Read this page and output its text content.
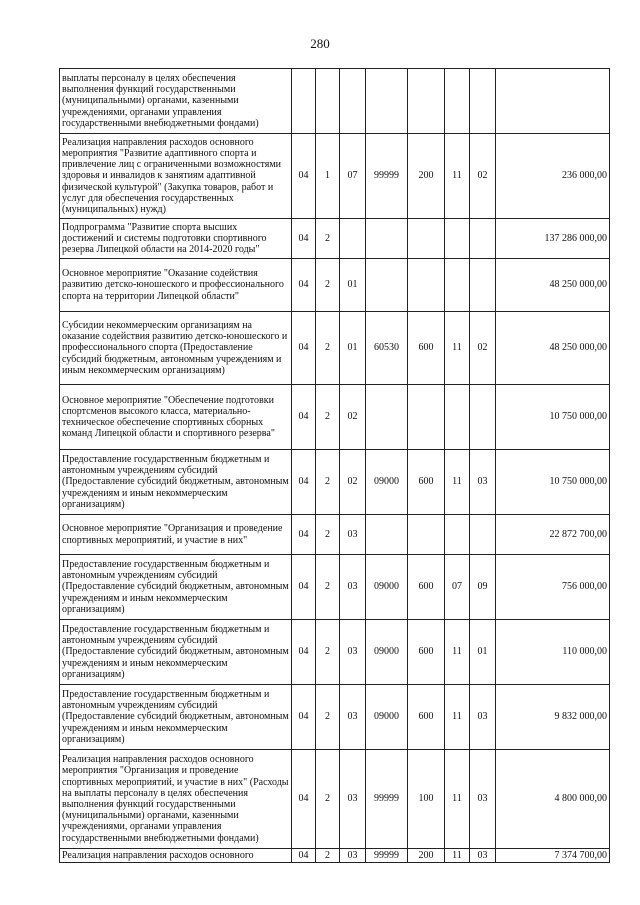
280
выплаты персоналу в целях обеспечения выполнения функций государственными (муниципальными) органами, казенными учреждениями, органами управления государственными внебюджетными фондами)								
Реализация направления расходов основного мероприятия "Развитие адаптивного спорта и привлечение лиц с ограниченными возможностями здоровья и инвалидов к занятиям адаптивной физической культурой" (Закупка товаров, работ и услуг для обеспечения государственных (муниципальных) нужд)	04	1	07	99999	200	11	02	236 000,00
Подпрограмма "Развитие спорта высших достижений и системы подготовки спортивного резерва Липецкой области на 2014-2020 годы"	04	2						137 286 000,00
Основное мероприятие "Оказание содействия развитию детско-юношеского и профессионального спорта на территории Липецкой области"	04	2	01					48 250 000,00
Субсидии некоммерческим организациям на оказание содействия развитию детско-юношеского и профессионального спорта (Предоставление субсидий бюджетным, автономным учреждениям и иным некоммерческим организациям)	04	2	01	60530	600	11	02	48 250 000,00
Основное мероприятие "Обеспечение подготовки спортсменов высокого класса, материально-техническое обеспечение спортивных сборных команд Липецкой области и спортивного резерва"	04	2	02					10 750 000,00
Предоставление государственным бюджетным и автономным учреждениям субсидий (Предоставление субсидий бюджетным, автономным учреждениям и иным некоммерческим организациям)	04	2	02	09000	600	11	03	10 750 000,00
Основное мероприятие "Организация и проведение спортивных мероприятий, и участие в них"	04	2	03					22 872 700,00
Предоставление государственным бюджетным и автономным учреждениям субсидий (Предоставление субсидий бюджетным, автономным учреждениям и иным некоммерческим организациям)	04	2	03	09000	600	07	09	756 000,00
Предоставление государственным бюджетным и автономным учреждениям субсидий (Предоставление субсидий бюджетным, автономным учреждениям и иным некоммерческим организациям)	04	2	03	09000	600	11	01	110 000,00
Предоставление государственным бюджетным и автономным учреждениям субсидий (Предоставление субсидий бюджетным, автономным учреждениям и иным некоммерческим организациям)	04	2	03	09000	600	11	03	9 832 000,00
Реализация направления расходов основного мероприятия "Организация и проведение спортивных мероприятий, и участие в них" (Расходы на выплаты персоналу в целях обеспечения выполнения функций государственными (муниципальными) органами, казенными учреждениями, органами управления государственными внебюджетными фондами)	04	2	03	99999	100	11	03	4 800 000,00
Реализация направления расходов основного	04	2	03	99999	200	11	03	7 374 700,00
